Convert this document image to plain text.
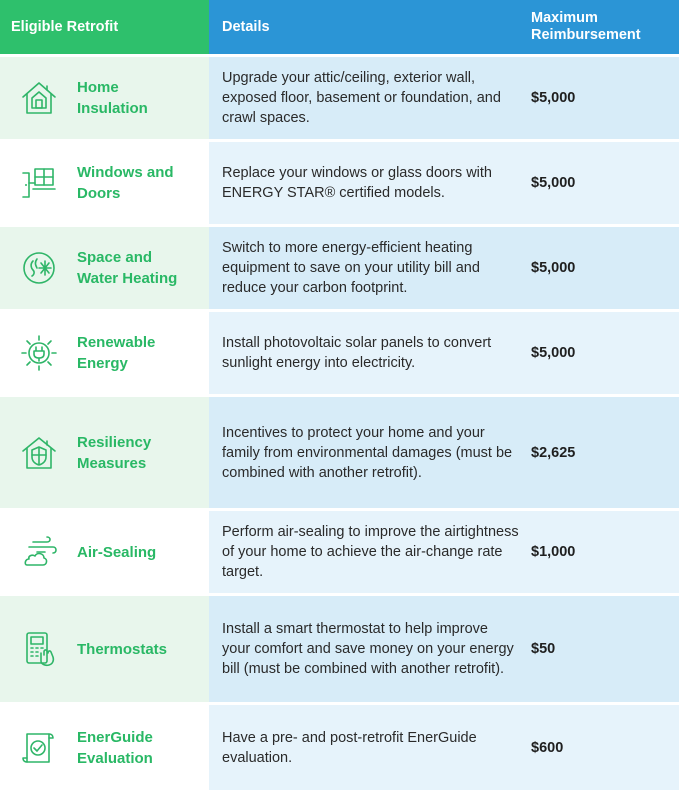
Eligible Retrofit	Details
Maximum
Reimbursement
Home
Insulation
Upgrade your attic/ceiling, exterior wall, exposed floor, basement or foundation, and crawl spaces.
$5,000
Windows and
Doors
Replace your windows or glass doors with ENERGY STAR® certified models.
$5,000
Space and
Water Heating
Switch to more energy-efficient heating equipment to save on your utility bill and reduce your carbon footprint.
$5,000
Renewable
Energy
Install photovoltaic solar panels to convert sunlight energy into electricity.
$5,000
Resiliency
Measures
Incentives to protect your home and your family from environmental damages (must be combined with another retrofit).
$2,625
Air-Sealing
Perform air-sealing to improve the airtightness of your home to achieve the air-change rate target.
$1,000
Thermostats
Install a smart thermostat to help improve your comfort and save money on your energy bill (must be combined with another retrofit).
$50
EnerGuide
Evaluation
Have a pre- and post-retrofit EnerGuide evaluation.
$600
